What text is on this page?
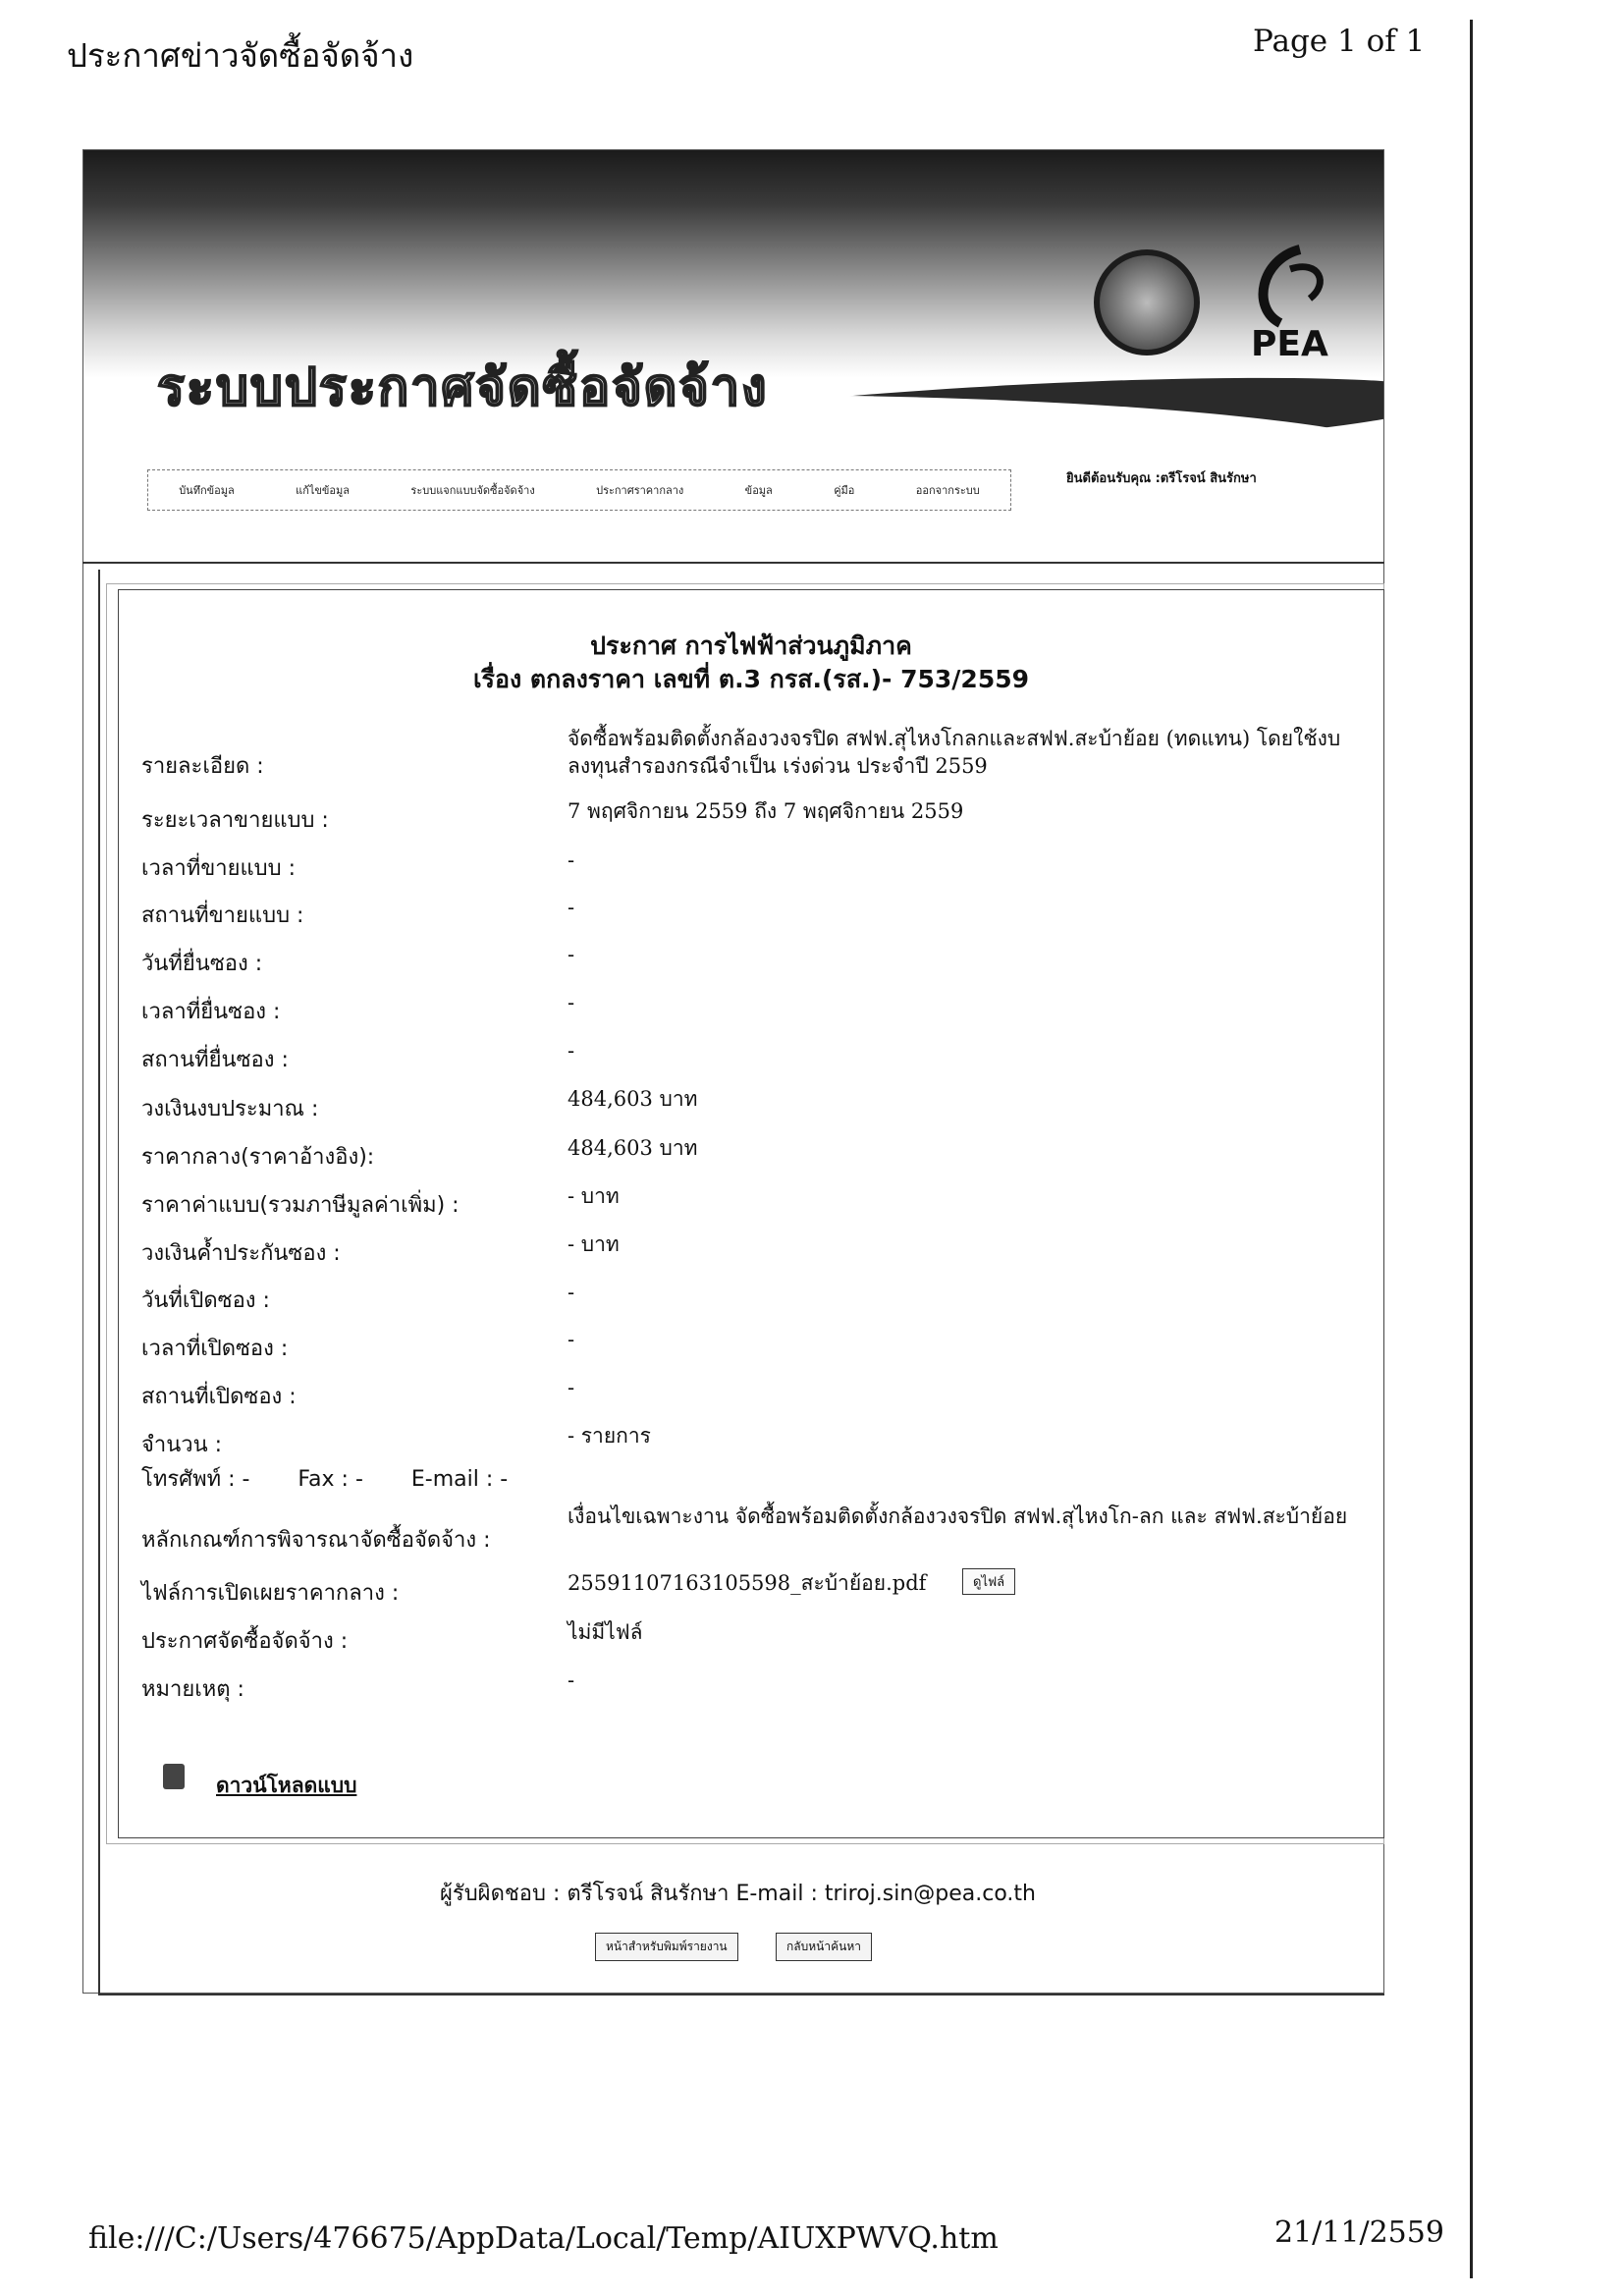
ประกาศข่าวจัดซื้อจัดจ้าง	Page 1 of 1
ระบบประกาศจัดซื้อจัดจ้าง
PEA
บันทึกข้อมูล	แก้ไขข้อมูล	ระบบแจกแบบจัดซื้อจัดจ้าง	ประกาศราคากลาง	ข้อมูล	คู่มือ	ออกจากระบบ
ยินดีต้อนรับคุณ :ตรีโรจน์ สินรักษา
ประกาศ การไฟฟ้าส่วนภูมิภาค
เรื่อง ตกลงราคา เลขที่ ต.3 กรส.(รส.)- 753/2559
รายละเอียด :
จัดซื้อพร้อมติดตั้งกล้องวงจรปิด สฟฟ.สุไหงโกลกและสฟฟ.สะบ้าย้อย (ทดแทน) โดยใช้งบลงทุนสำรองกรณีจำเป็น เร่งด่วน ประจำปี 2559
ระยะเวลาขายแบบ :	7 พฤศจิกายน 2559 ถึง 7 พฤศจิกายน 2559
เวลาที่ขายแบบ :	-
สถานที่ขายแบบ :	-
วันที่ยื่นซอง :	-
เวลาที่ยื่นซอง :	-
สถานที่ยื่นซอง :	-
วงเงินงบประมาณ :	484,603 บาท
ราคากลาง(ราคาอ้างอิง):	484,603 บาท
ราคาค่าแบบ(รวมภาษีมูลค่าเพิ่ม) :	- บาท
วงเงินค้ำประกันซอง :	- บาท
วันที่เปิดซอง :	-
เวลาที่เปิดซอง :	-
สถานที่เปิดซอง :	-
จำนวน :	- รายการ
โทรศัพท์ : - Fax : - E-mail : -
หลักเกณฑ์การพิจารณาจัดซื้อจัดจ้าง :
เงื่อนไขเฉพาะงาน จัดซื้อพร้อมติดตั้งกล้องวงจรปิด สฟฟ.สุไหงโก-ลก และ สฟฟ.สะบ้าย้อย
ไฟล์การเปิดเผยราคากลาง :	25591107163105598_สะบ้าย้อย.pdf	ดูไฟล์
ประกาศจัดซื้อจัดจ้าง :	ไม่มีไฟล์
หมายเหตุ :	-
ดาวน์โหลดแบบ
ผู้รับผิดชอบ : ตรีโรจน์ สินรักษา E-mail : triroj.sin@pea.co.th
หน้าสำหรับพิมพ์รายงาน	กลับหน้าค้นหา
file:///C:/Users/476675/AppData/Local/Temp/AIUXPWVQ.htm	21/11/2559
